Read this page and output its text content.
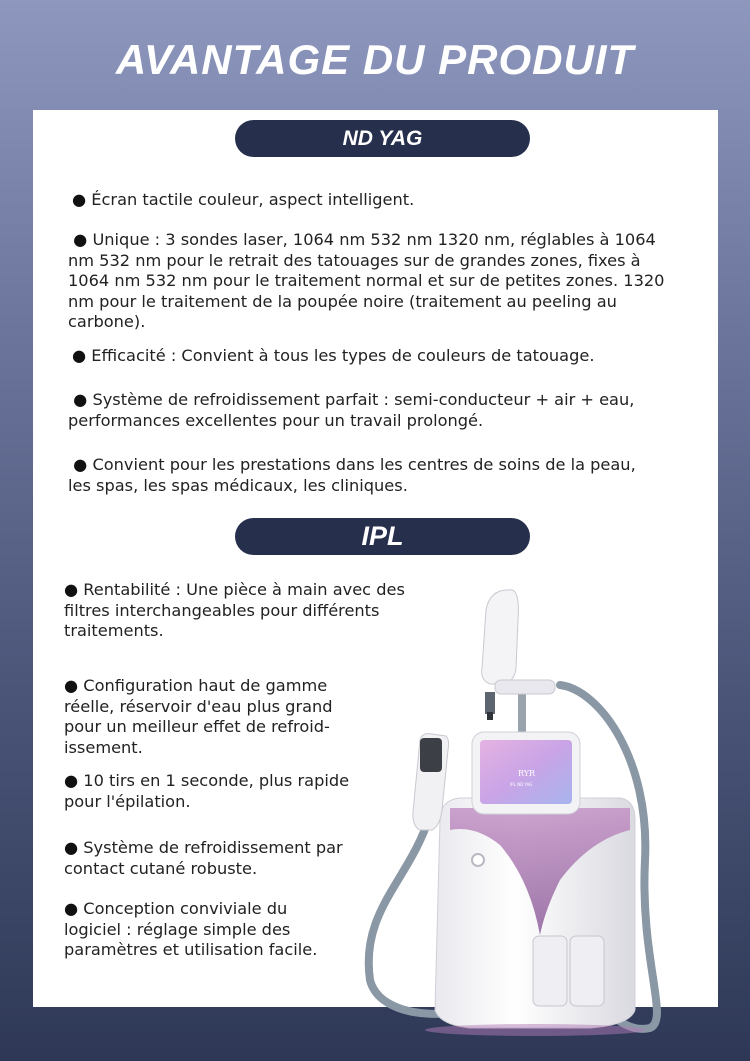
AVANTAGE DU PRODUIT
ND YAG
● Écran tactile couleur, aspect intelligent.
● Unique : 3 sondes laser, 1064 nm 532 nm 1320 nm, réglables à 1064 nm 532 nm pour le retrait des tatouages sur de grandes zones, fixes à 1064 nm 532 nm pour le traitement normal et sur de petites zones. 1320 nm pour le traitement de la poupée noire (traitement au peeling au carbone).
● Efficacité : Convient à tous les types de couleurs de tatouage.
● Système de refroidissement parfait : semi-conducteur + air + eau, performances excellentes pour un travail prolongé.
● Convient pour les prestations dans les centres de soins de la peau, les spas, les spas médicaux, les cliniques.
IPL
● Rentabilité : Une pièce à main avec des filtres interchangeables pour différents traitements.
● Configuration haut de gamme réelle, réservoir d'eau plus grand pour un meilleur effet de refroid-issement.
● 10 tirs en 1 seconde, plus rapide pour l'épilation.
● Système de refroidissement par contact cutané robuste.
● Conception conviviale du logiciel : réglage simple des paramètres et utilisation facile.
RYR
IPL ND YAG
